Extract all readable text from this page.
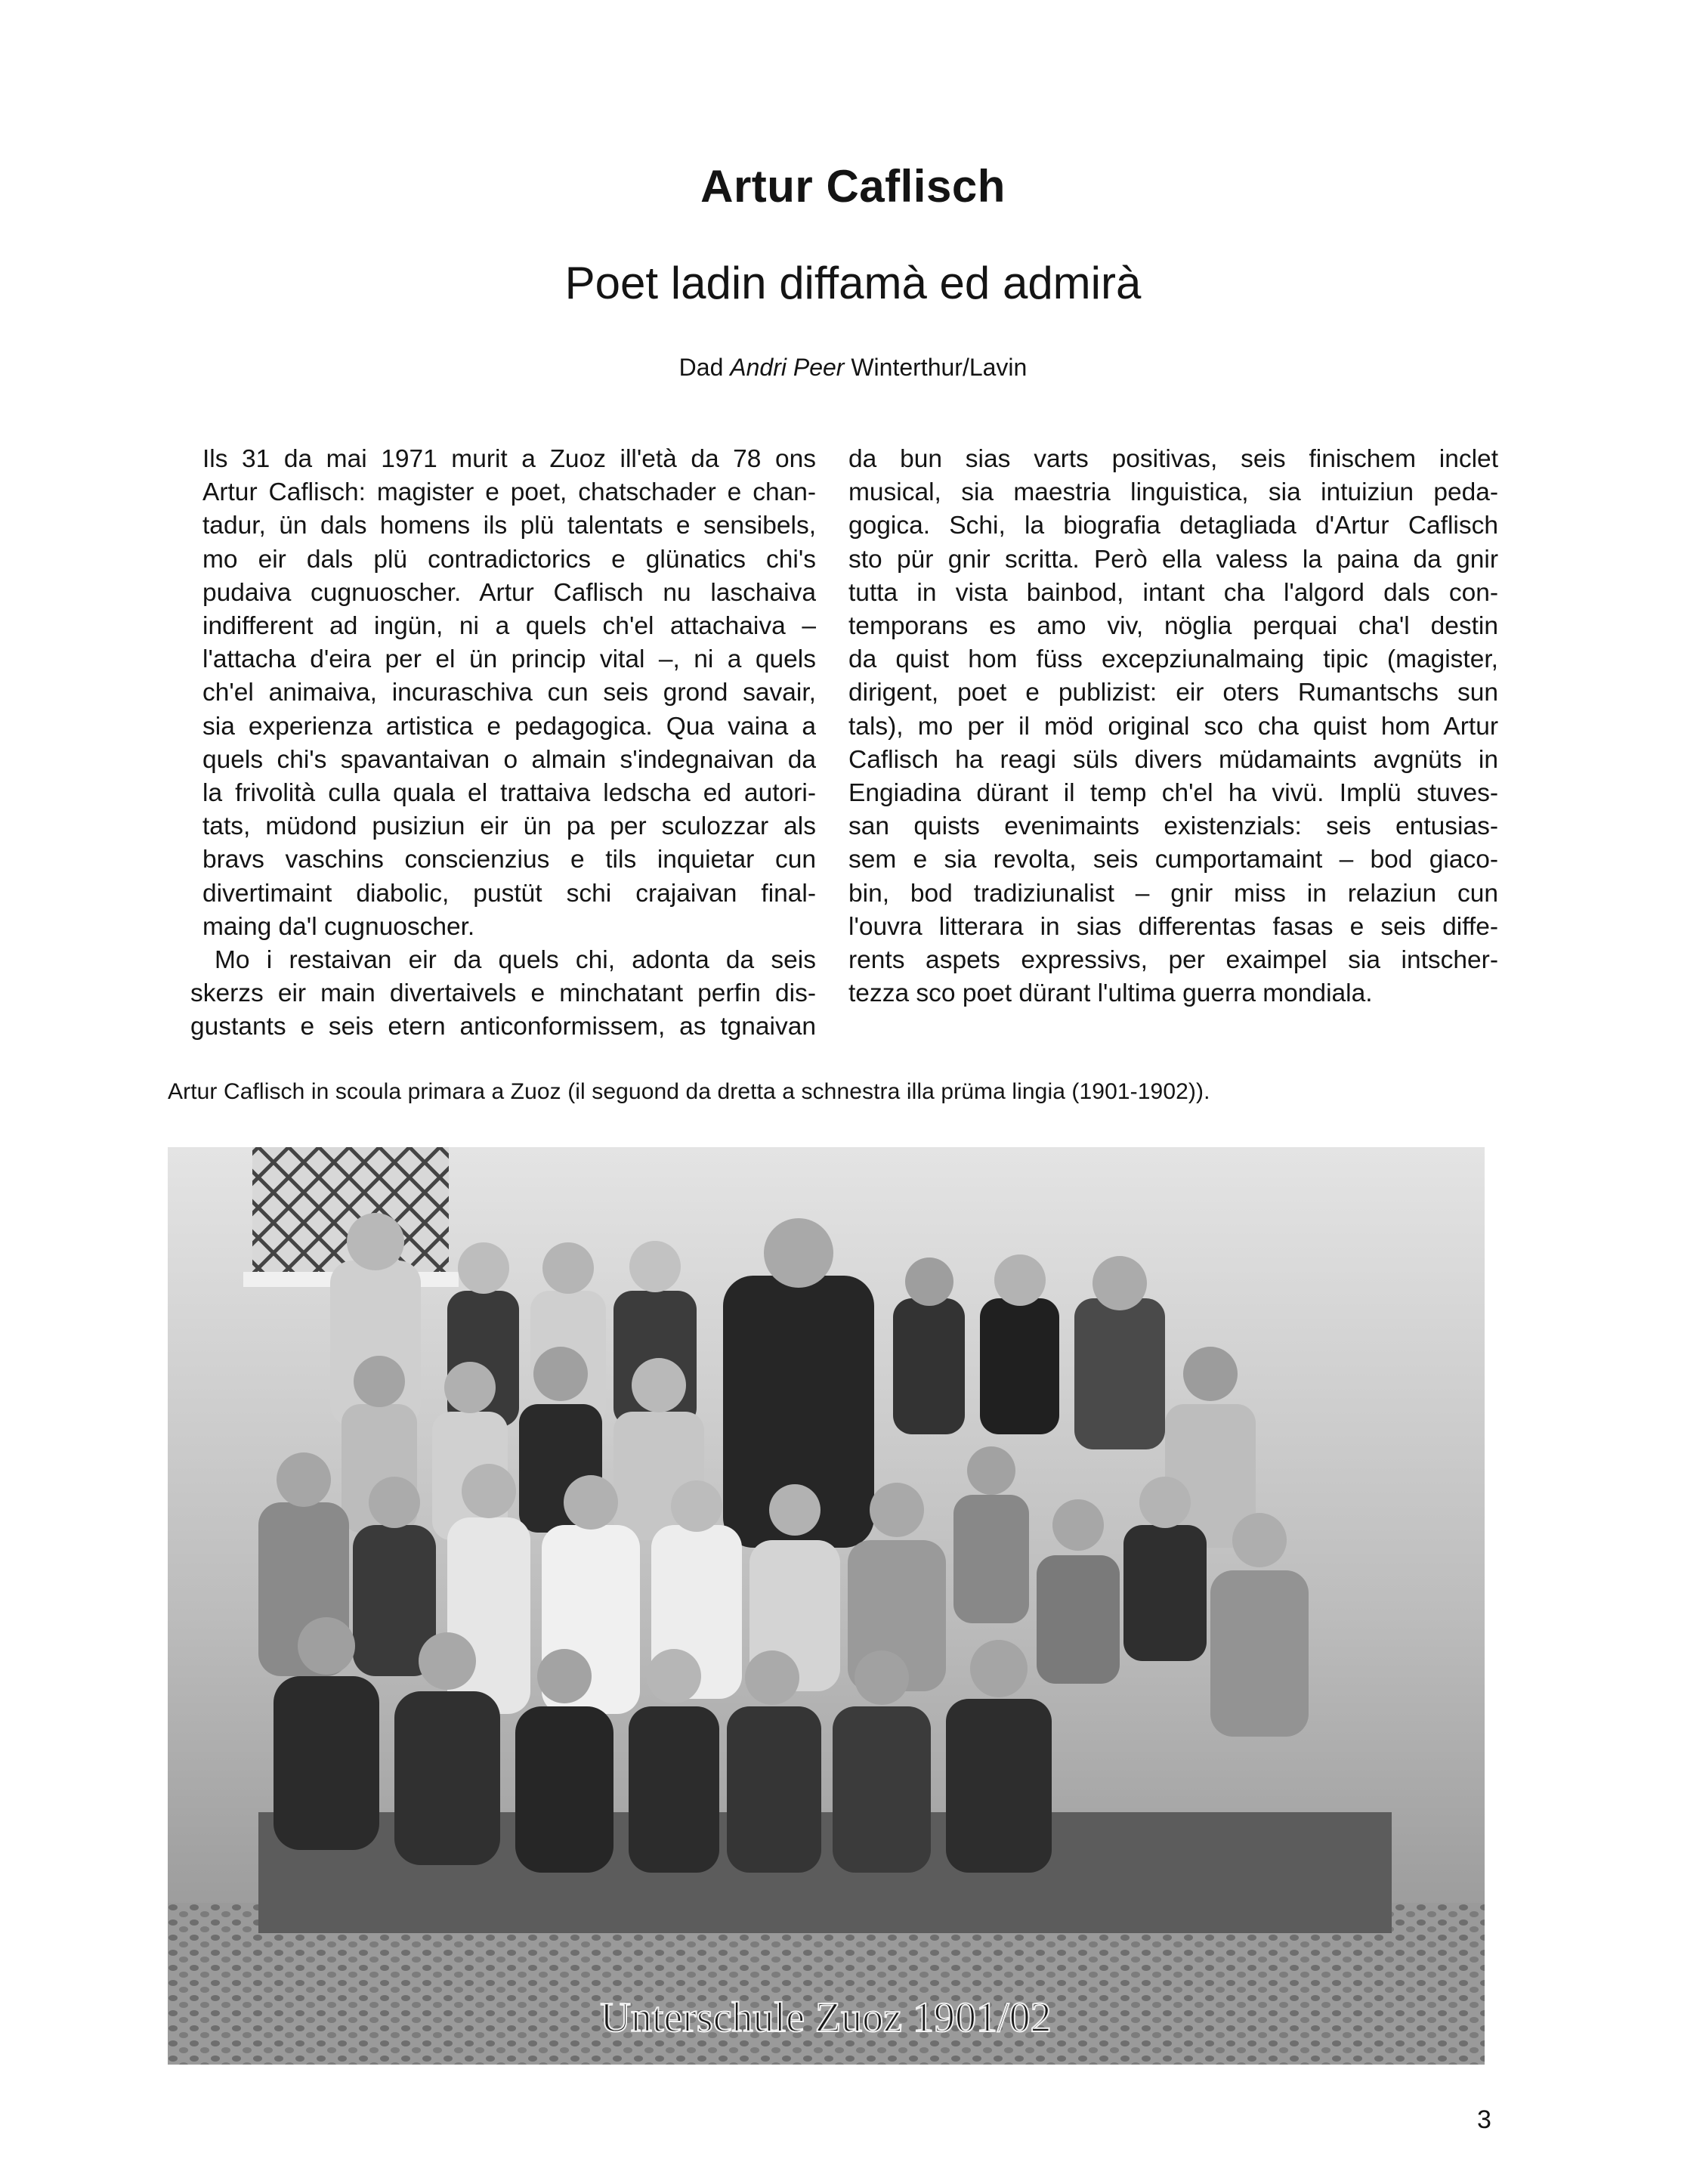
Artur Caflisch
Poet ladin diffamà ed admirà
Dad Andri Peer Winterthur/Lavin

Ils 31 da mai 1971 murit a Zuoz ill'età da 78 ons
Artur Caflisch: magister e poet, chatschader e chan-
tadur, ün dals homens ils plü talentats e sensibels,
mo eir dals plü contradictorics e glünatics chi's
pudaiva cugnuoscher. Artur Caflisch nu laschaiva
indifferent ad ingün, ni a quels ch'el attachaiva –
l'attacha d'eira per el ün princip vital –, ni a quels
ch'el animaiva, incuraschiva cun seis grond savair,
sia experienza artistica e pedagogica. Qua vaina a
quels chi's spavantaivan o almain s'indegnaivan da
la frivolità culla quala el trattaiva ledscha ed autori-
tats, müdond pusiziun eir ün pa per sculozzar als
bravs vaschins conscienzius e tils inquietar cun
divertimaint diabolic, pustüt schi crajaivan final-
maing da'l cugnuoscher.

Mo i restaivan eir da quels chi, adonta da seis
skerzs eir main divertaivels e minchatant perfin dis-
gustants e seis etern anticonformissem, as tgnaivan

da bun sias varts positivas, seis finischem inclet
musical, sia maestria linguistica, sia intuiziun peda-
gogica. Schi, la biografia detagliada d'Artur Caflisch
sto pür gnir scritta. Però ella valess la paina da gnir
tutta in vista bainbod, intant cha l'algord dals con-
temporans es amo viv, nöglia perquai cha'l destin
da quist hom füss excepziunalmaing tipic (magister,
dirigent, poet e publizist: eir oters Rumantschs sun
tals), mo per il möd original sco cha quist hom Artur
Caflisch ha reagi süls divers müdamaints avgnüts in
Engiadina dürant il temp ch'el ha vivü. Implü stuves-
san quists evenimaints existenzials: seis entusias-
sem e sia revolta, seis cumportamaint – bod giaco-
bin, bod tradiziunalist – gnir miss in relaziun cun
l'ouvra litterara in sias differentas fasas e seis diffe-
rents aspets expressivs, per exaimpel sia intscher-
tezza sco poet dürant l'ultima guerra mondiala.

Artur Caflisch in scoula primara a Zuoz (il seguond da dretta a schnestra illa prüma lingia (1901-1902)).
Unterschule Zuoz 1901/02
3
